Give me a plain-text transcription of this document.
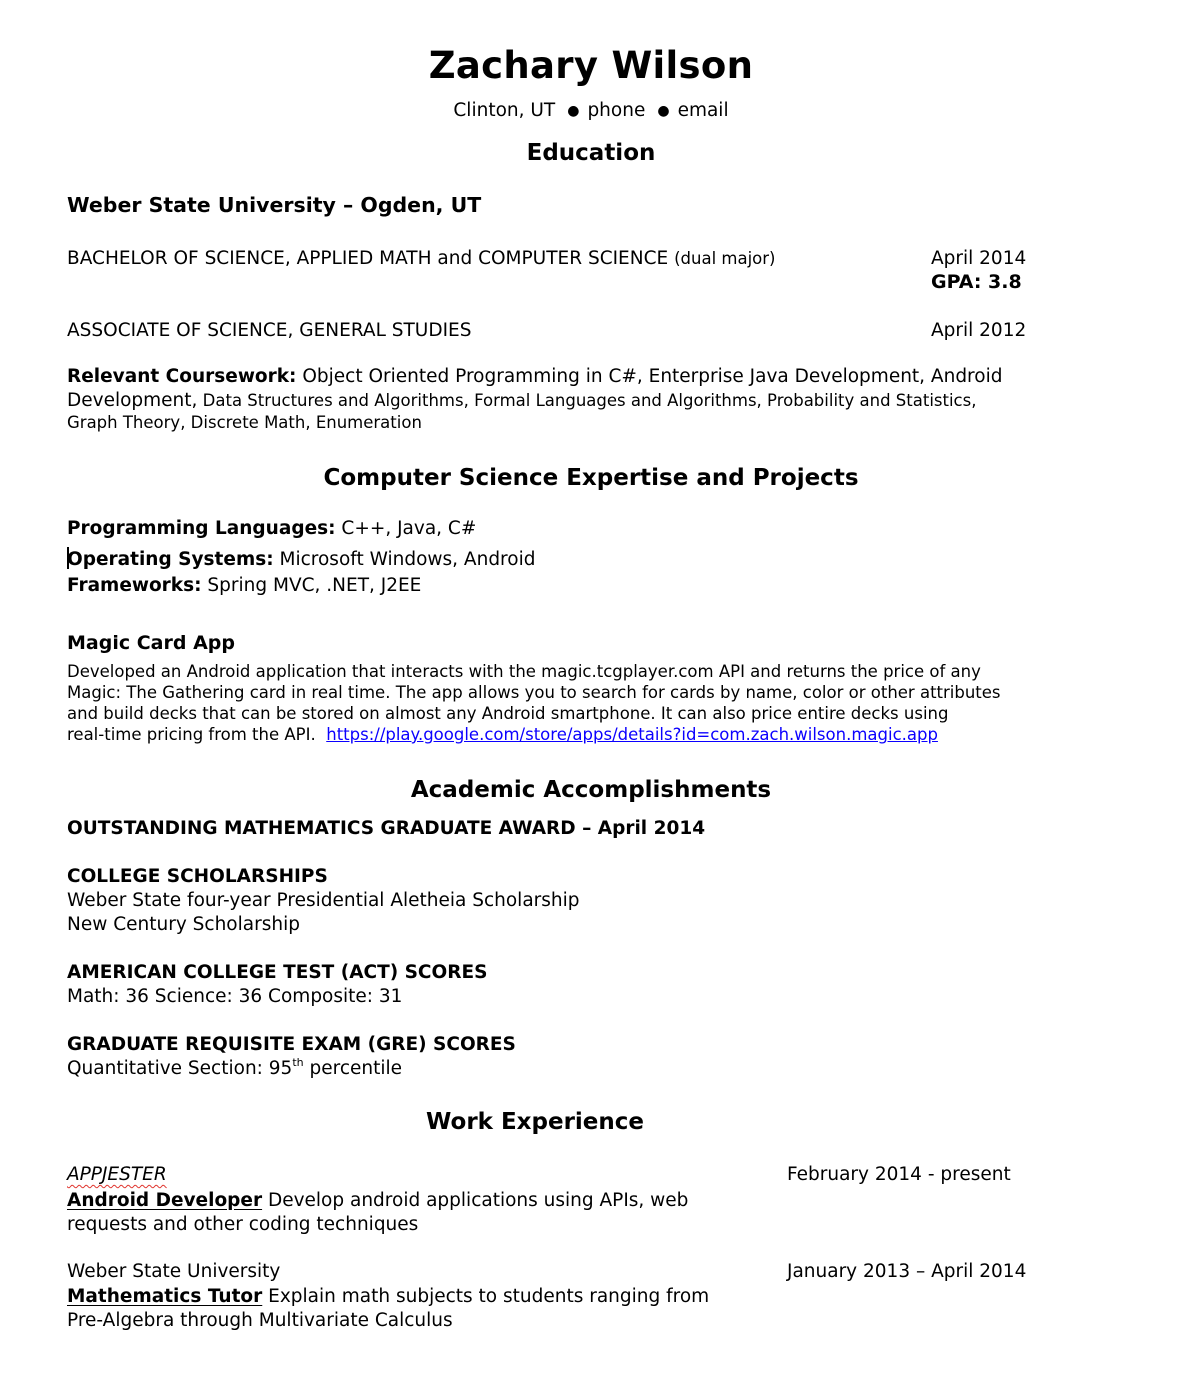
Zachary Wilson
Clinton, UT ● phone ● email
Education
Weber State University – Ogden, UT
BACHELOR OF SCIENCE, APPLIED MATH and COMPUTER SCIENCE (dual major)	April 2014
GPA: 3.8
ASSOCIATE OF SCIENCE, GENERAL STUDIES	April 2012
Relevant Coursework: Object Oriented Programming in C#, Enterprise Java Development, Android
Development, Data Structures and Algorithms, Formal Languages and Algorithms, Probability and Statistics,
Graph Theory, Discrete Math, Enumeration
Computer Science Expertise and Projects
Programming Languages: C++, Java, C#
Operating Systems: Microsoft Windows, Android
Frameworks: Spring MVC, .NET, J2EE
Magic Card App
Developed an Android application that interacts with the magic.tcgplayer.com API and returns the price of any
Magic: The Gathering card in real time. The app allows you to search for cards by name, color or other attributes
and build decks that can be stored on almost any Android smartphone. It can also price entire decks using
real-time pricing from the API.  https://play.google.com/store/apps/details?id=com.zach.wilson.magic.app
Academic Accomplishments
OUTSTANDING MATHEMATICS GRADUATE AWARD – April 2014
COLLEGE SCHOLARSHIPS
Weber State four-year Presidential Aletheia Scholarship
New Century Scholarship
AMERICAN COLLEGE TEST (ACT) SCORES
Math: 36 Science: 36 Composite: 31
GRADUATE REQUISITE EXAM (GRE) SCORES
Quantitative Section: 95th percentile
Work Experience
APPJESTER	February 2014 - present
Android Developer Develop android applications using APIs, web
requests and other coding techniques
Weber State University	January 2013 – April 2014
Mathematics Tutor Explain math subjects to students ranging from
Pre-Algebra through Multivariate Calculus
